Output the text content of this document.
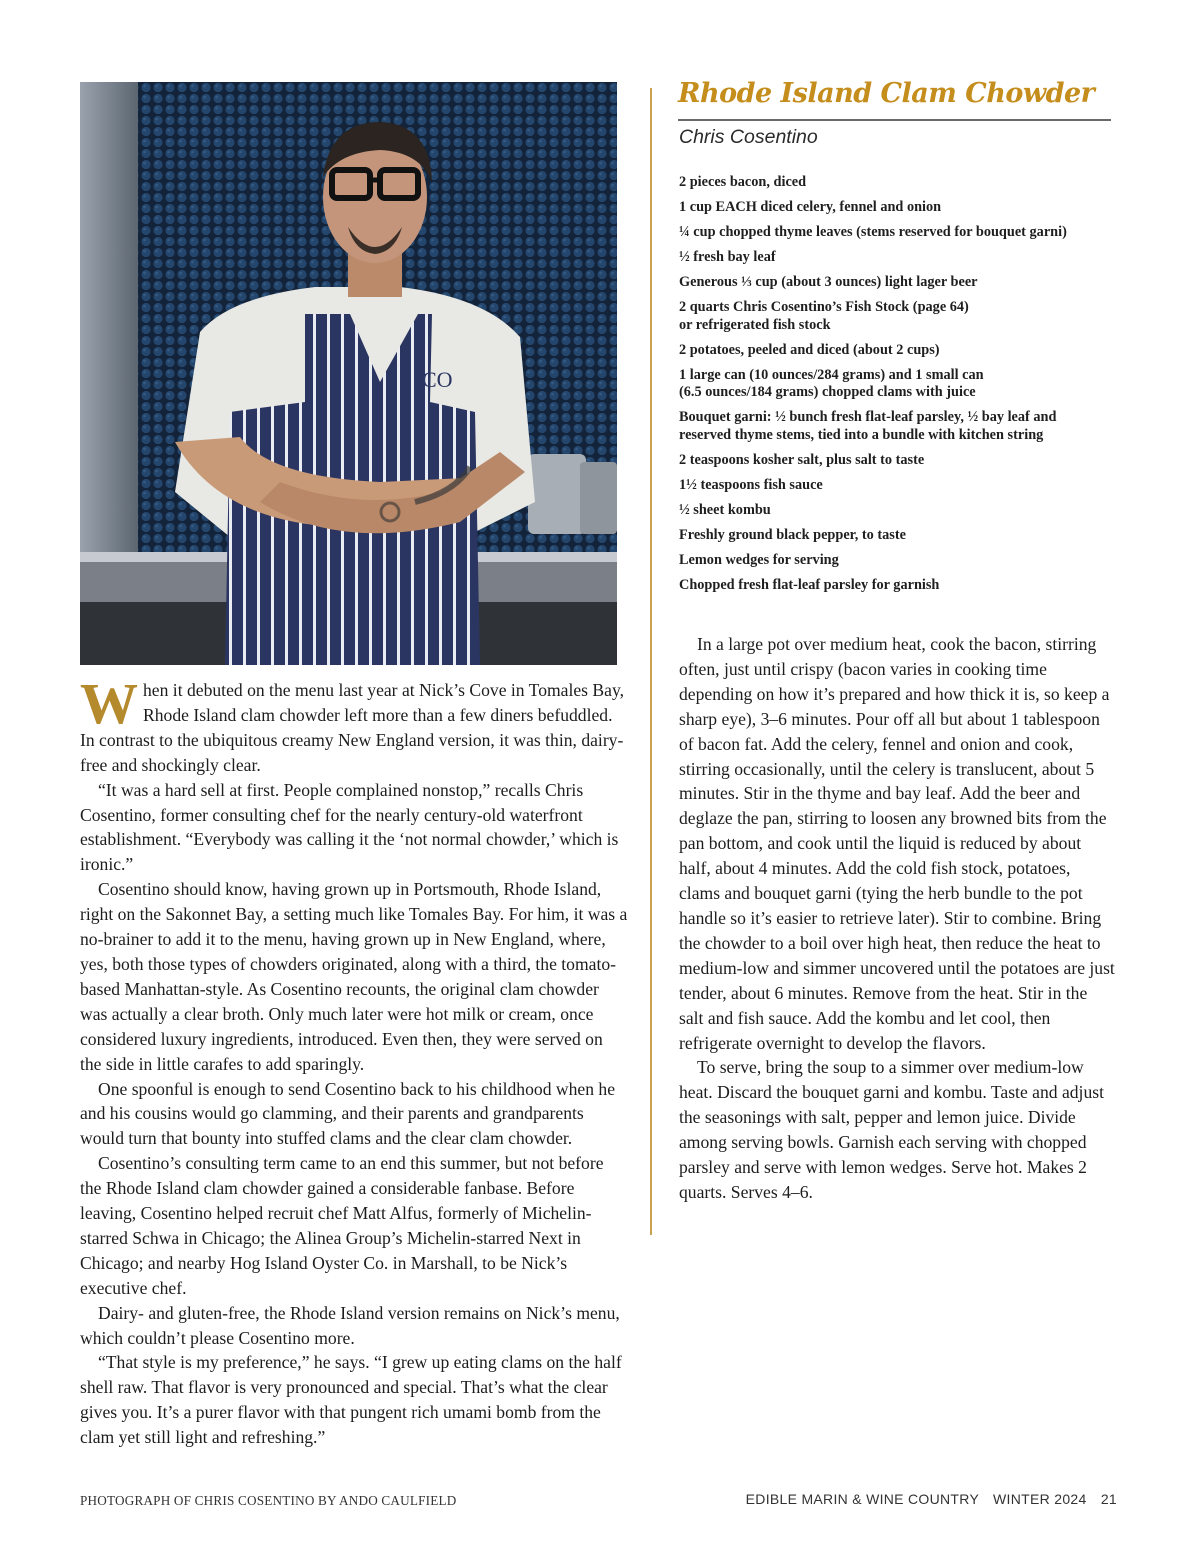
CO

When it debuted on the menu last year at Nick’s Cove in Tomales Bay, Rhode Island clam chowder left more than a few diners befuddled. In contrast to the ubiquitous creamy New England version, it was thin, dairy-free and shockingly clear.

“It was a hard sell at first. People complained nonstop,” recalls Chris Cosentino, former consulting chef for the nearly century-old waterfront establishment. “Everybody was calling it the ‘not normal chowder,’ which is ironic.”

Cosentino should know, having grown up in Portsmouth, Rhode Island, right on the Sakonnet Bay, a setting much like Tomales Bay. For him, it was a no-brainer to add it to the menu, having grown up in New England, where, yes, both those types of chowders originated, along with a third, the tomato-based Manhattan-style. As Cosentino recounts, the original clam chowder was actually a clear broth. Only much later were hot milk or cream, once considered luxury ingredients, introduced. Even then, they were served on the side in little carafes to add sparingly.

One spoonful is enough to send Cosentino back to his childhood when he and his cousins would go clamming, and their parents and grandparents would turn that bounty into stuffed clams and the clear clam chowder.

Cosentino’s consulting term came to an end this summer, but not before the Rhode Island clam chowder gained a considerable fanbase. Before leaving, Cosentino helped recruit chef Matt Alfus, formerly of Michelin-starred Schwa in Chicago; the Alinea Group’s Michelin-starred Next in Chicago; and nearby Hog Island Oyster Co. in Marshall, to be Nick’s executive chef.

Dairy- and gluten-free, the Rhode Island version remains on Nick’s menu, which couldn’t please Cosentino more.

“That style is my preference,” he says. “I grew up eating clams on the half shell raw. That flavor is very pronounced and special. That’s what the clear gives you. It’s a purer flavor with that pungent rich umami bomb from the clam yet still light and refreshing.”

Rhode Island Clam Chowder
Chris Cosentino
2 pieces bacon, diced
1 cup EACH diced celery, fennel and onion
¼ cup chopped thyme leaves (stems reserved for bouquet garni)
½ fresh bay leaf
Generous ⅓ cup (about 3 ounces) light lager beer
2 quarts Chris Cosentino’s Fish Stock (page 64)
or refrigerated fish stock
2 potatoes, peeled and diced (about 2 cups)
1 large can (10 ounces/284 grams) and 1 small can
(6.5 ounces/184 grams) chopped clams with juice
Bouquet garni: ½ bunch fresh flat-leaf parsley, ½ bay leaf and
reserved thyme stems, tied into a bundle with kitchen string
2 teaspoons kosher salt, plus salt to taste
1½ teaspoons fish sauce
½ sheet kombu
Freshly ground black pepper, to taste
Lemon wedges for serving
Chopped fresh flat-leaf parsley for garnish

In a large pot over medium heat, cook the bacon, stirring often, just until crispy (bacon varies in cooking time depending on how it’s prepared and how thick it is, so keep a sharp eye), 3–6 minutes. Pour off all but about 1 tablespoon of bacon fat. Add the celery, fennel and onion and cook, stirring occasionally, until the celery is translucent, about 5 minutes. Stir in the thyme and bay leaf. Add the beer and deglaze the pan, stirring to loosen any browned bits from the pan bottom, and cook until the liquid is reduced by about half, about 4 minutes. Add the cold fish stock, potatoes, clams and bouquet garni (tying the herb bundle to the pot handle so it’s easier to retrieve later). Stir to combine. Bring the chowder to a boil over high heat, then reduce the heat to medium-low and simmer uncovered until the potatoes are just tender, about 6 minutes. Remove from the heat. Stir in the salt and fish sauce. Add the kombu and let cool, then refrigerate overnight to develop the flavors.

To serve, bring the soup to a simmer over medium-low heat. Discard the bouquet garni and kombu. Taste and adjust the seasonings with salt, pepper and lemon juice. Divide among serving bowls. Garnish each serving with chopped parsley and serve with lemon wedges. Serve hot. Makes 2 quarts. Serves 4–6.

PHOTOGRAPH OF CHRIS COSENTINO BY ANDO CAULFIELD	EDIBLE MARIN & WINE COUNTRY WINTER 2024 21
